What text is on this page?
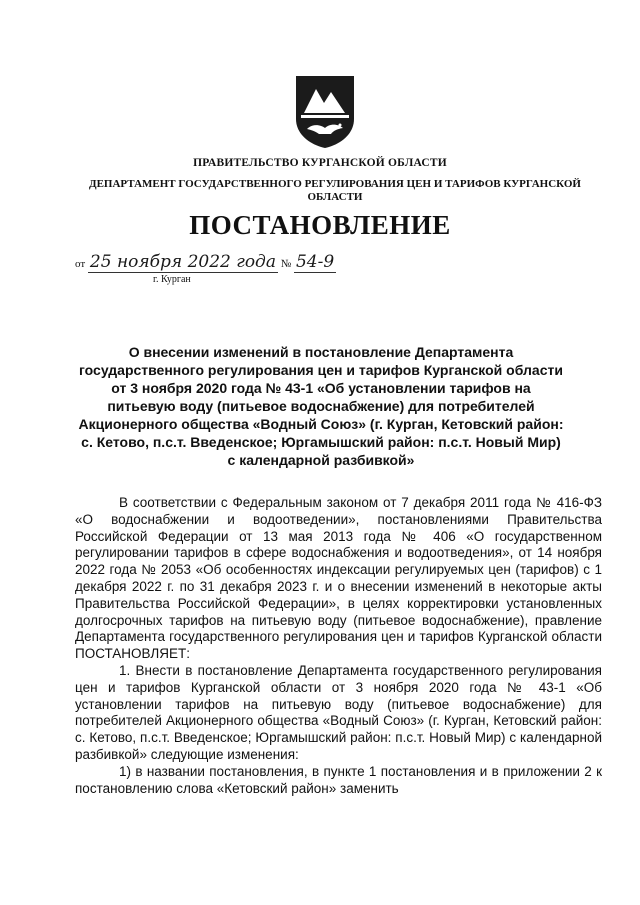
ПРАВИТЕЛЬСТВО КУРГАНСКОЙ ОБЛАСТИ
ДЕПАРТАМЕНТ ГОСУДАРСТВЕННОГО РЕГУЛИРОВАНИЯ ЦЕН И ТАРИФОВ КУРГАНСКОЙ ОБЛАСТИ
ПОСТАНОВЛЕНИЕ
от 25 ноября 2022 года № 54-9
г. Курган
О внесении изменений в постановление Департамента государственного регулирования цен и тарифов Курганской области от 3 ноября 2020 года № 43-1 «Об установлении тарифов на питьевую воду (питьевое водоснабжение) для потребителей Акционерного общества «Водный Союз» (г. Курган, Кетовский район: с. Кетово, п.с.т. Введенское; Юргамышский район: п.с.т. Новый Мир) с календарной разбивкой»

В соответствии с Федеральным законом от 7 декабря 2011 года № 416-ФЗ «О водоснабжении и водоотведении», постановлениями Правительства Российской Федерации от 13 мая 2013 года № 406 «О государственном регулировании тарифов в сфере водоснабжения и водоотведения», от 14 ноября 2022 года № 2053 «Об особенностях индексации регулируемых цен (тарифов) с 1 декабря 2022 г. по 31 декабря 2023 г. и о внесении изменений в некоторые акты Правительства Российской Федерации», в целях корректировки установленных долгосрочных тарифов на питьевую воду (питьевое водоснабжение), правление Департамента государственного регулирования цен и тарифов Курганской области ПОСТАНОВЛЯЕТ:

1. Внести в постановление Департамента государственного регулирования цен и тарифов Курганской области от 3 ноября 2020 года № 43-1 «Об установлении тарифов на питьевую воду (питьевое водоснабжение) для потребителей Акционерного общества «Водный Союз» (г. Курган, Кетовский район: с. Кетово, п.с.т. Введенское; Юргамышский район: п.с.т. Новый Мир) с календарной разбивкой» следующие изменения:

1) в названии постановления, в пункте 1 постановления и в приложении 2 к постановлению слова «Кетовский район» заменить
